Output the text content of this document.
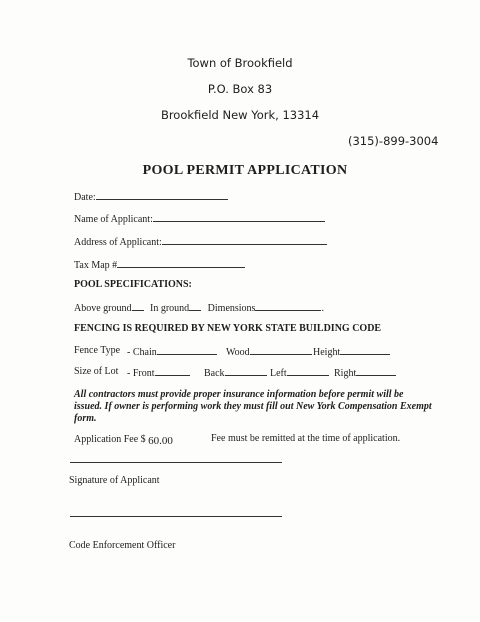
Town of Brookfield
P.O. Box 83
Brookfield New York, 13314
(315)-899-3004
POOL PERMIT APPLICATION
Date:
Name of Applicant:
Address of Applicant:
Tax Map #
POOL SPECIFICATIONS:
Above ground In ground Dimensions	.
FENCING IS REQUIRED BY NEW YORK STATE BUILDING CODE
Fence Type - Chain	Wood	Height
Size of Lot - Front	Back	Left	Right
All contractors must provide proper insurance information before permit will be
issued. If owner is performing work they must fill out New York Compensation Exempt
form.
Application Fee $ 60.00	Fee must be remitted at the time of application.
Signature of Applicant
Code Enforcement Officer
